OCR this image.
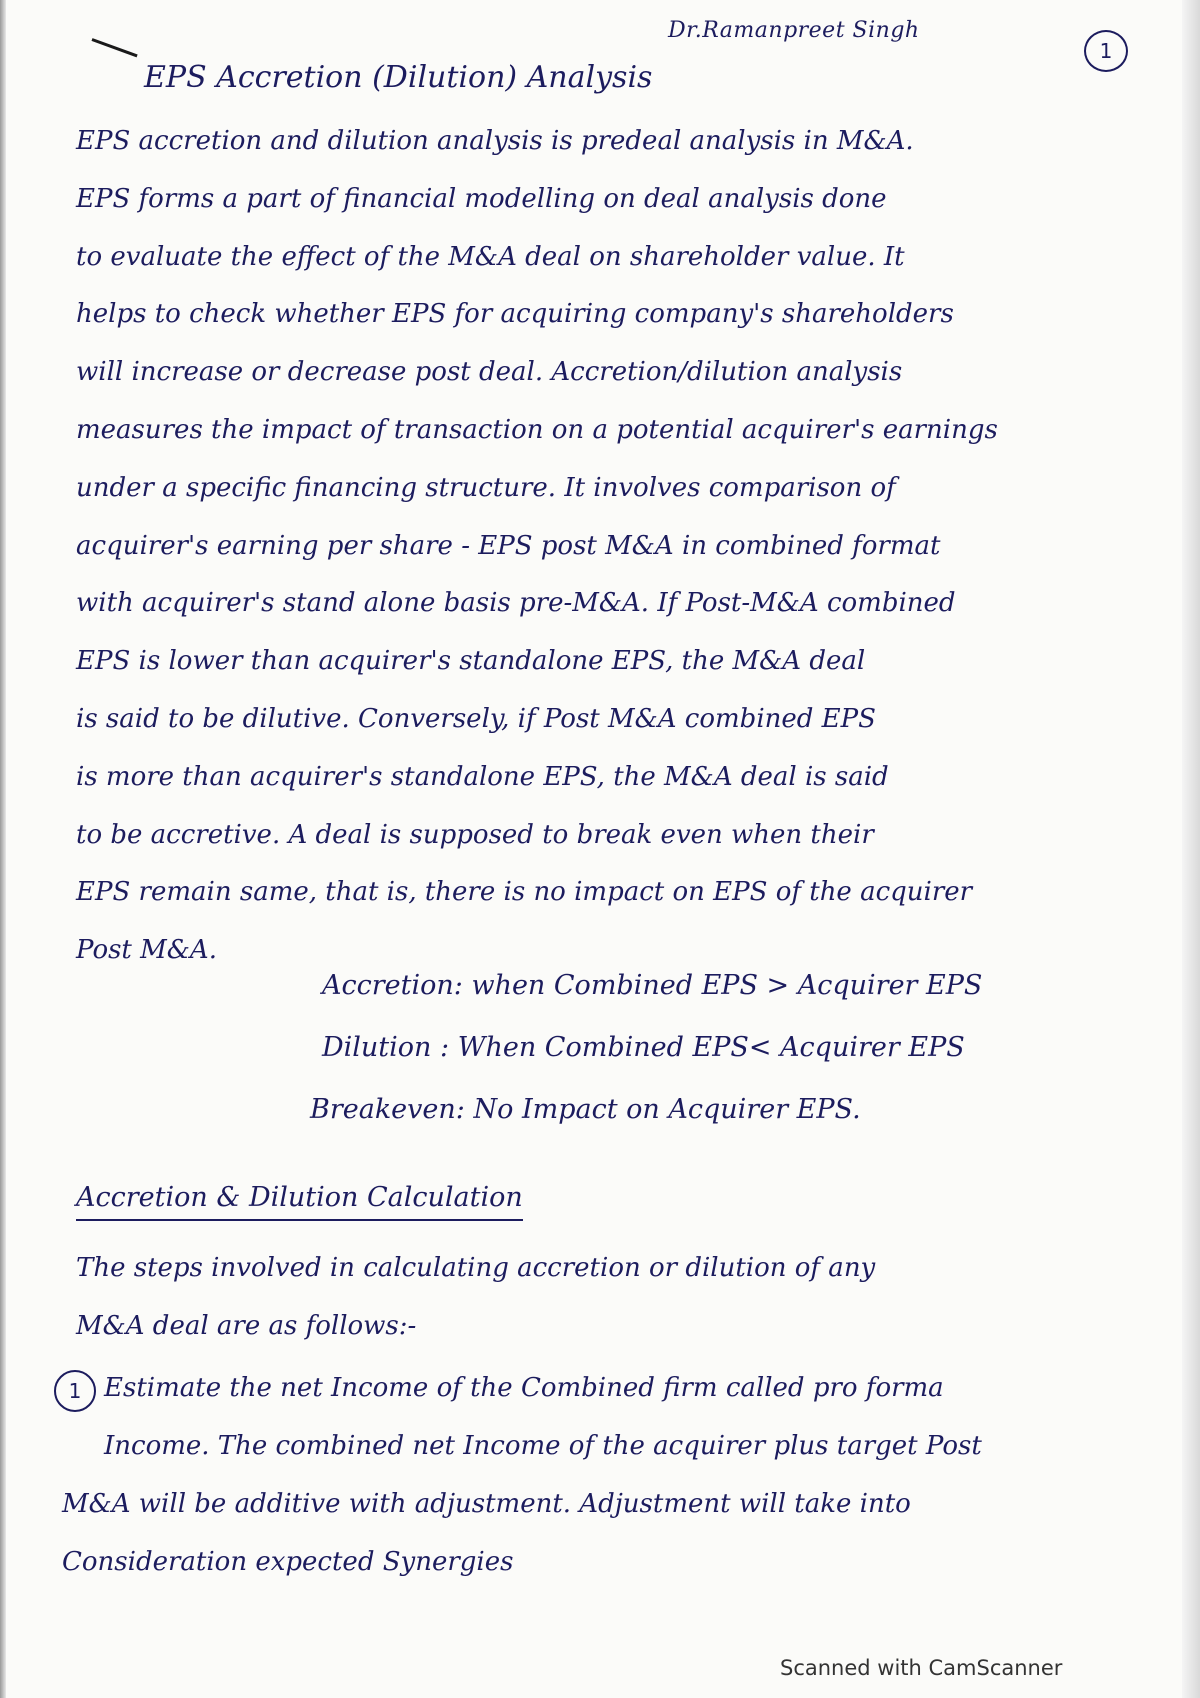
Dr.Ramanpreet Singh
1
EPS Accretion (Dilution) Analysis
EPS accretion and dilution analysis is predeal analysis in M&A.
EPS forms a part of financial modelling on deal analysis done
to evaluate the effect of the M&A deal on shareholder value. It
helps to check whether EPS for acquiring company's shareholders
will increase or decrease post deal. Accretion/dilution analysis
measures the impact of transaction on a potential acquirer's earnings
under a specific financing structure. It involves comparison of
acquirer's earning per share - EPS post M&A in combined format
with acquirer's stand alone basis pre-M&A. If Post-M&A combined
EPS is lower than acquirer's standalone EPS, the M&A deal
is said to be dilutive. Conversely, if Post M&A combined EPS
is more than acquirer's standalone EPS, the M&A deal is said
to be accretive. A deal is supposed to break even when their
EPS remain same, that is, there is no impact on EPS of the acquirer
Post M&A.
Accretion: when Combined EPS > Acquirer EPS
Dilution : When Combined EPS< Acquirer EPS
Breakeven: No Impact on Acquirer EPS.
Accretion & Dilution Calculation
The steps involved in calculating accretion or dilution of any
M&A deal are as follows:-
1 Estimate the net Income of the Combined firm called pro forma
Income. The combined net Income of the acquirer plus target Post
M&A will be additive with adjustment. Adjustment will take into
Consideration expected Synergies
Scanned with CamScanner
